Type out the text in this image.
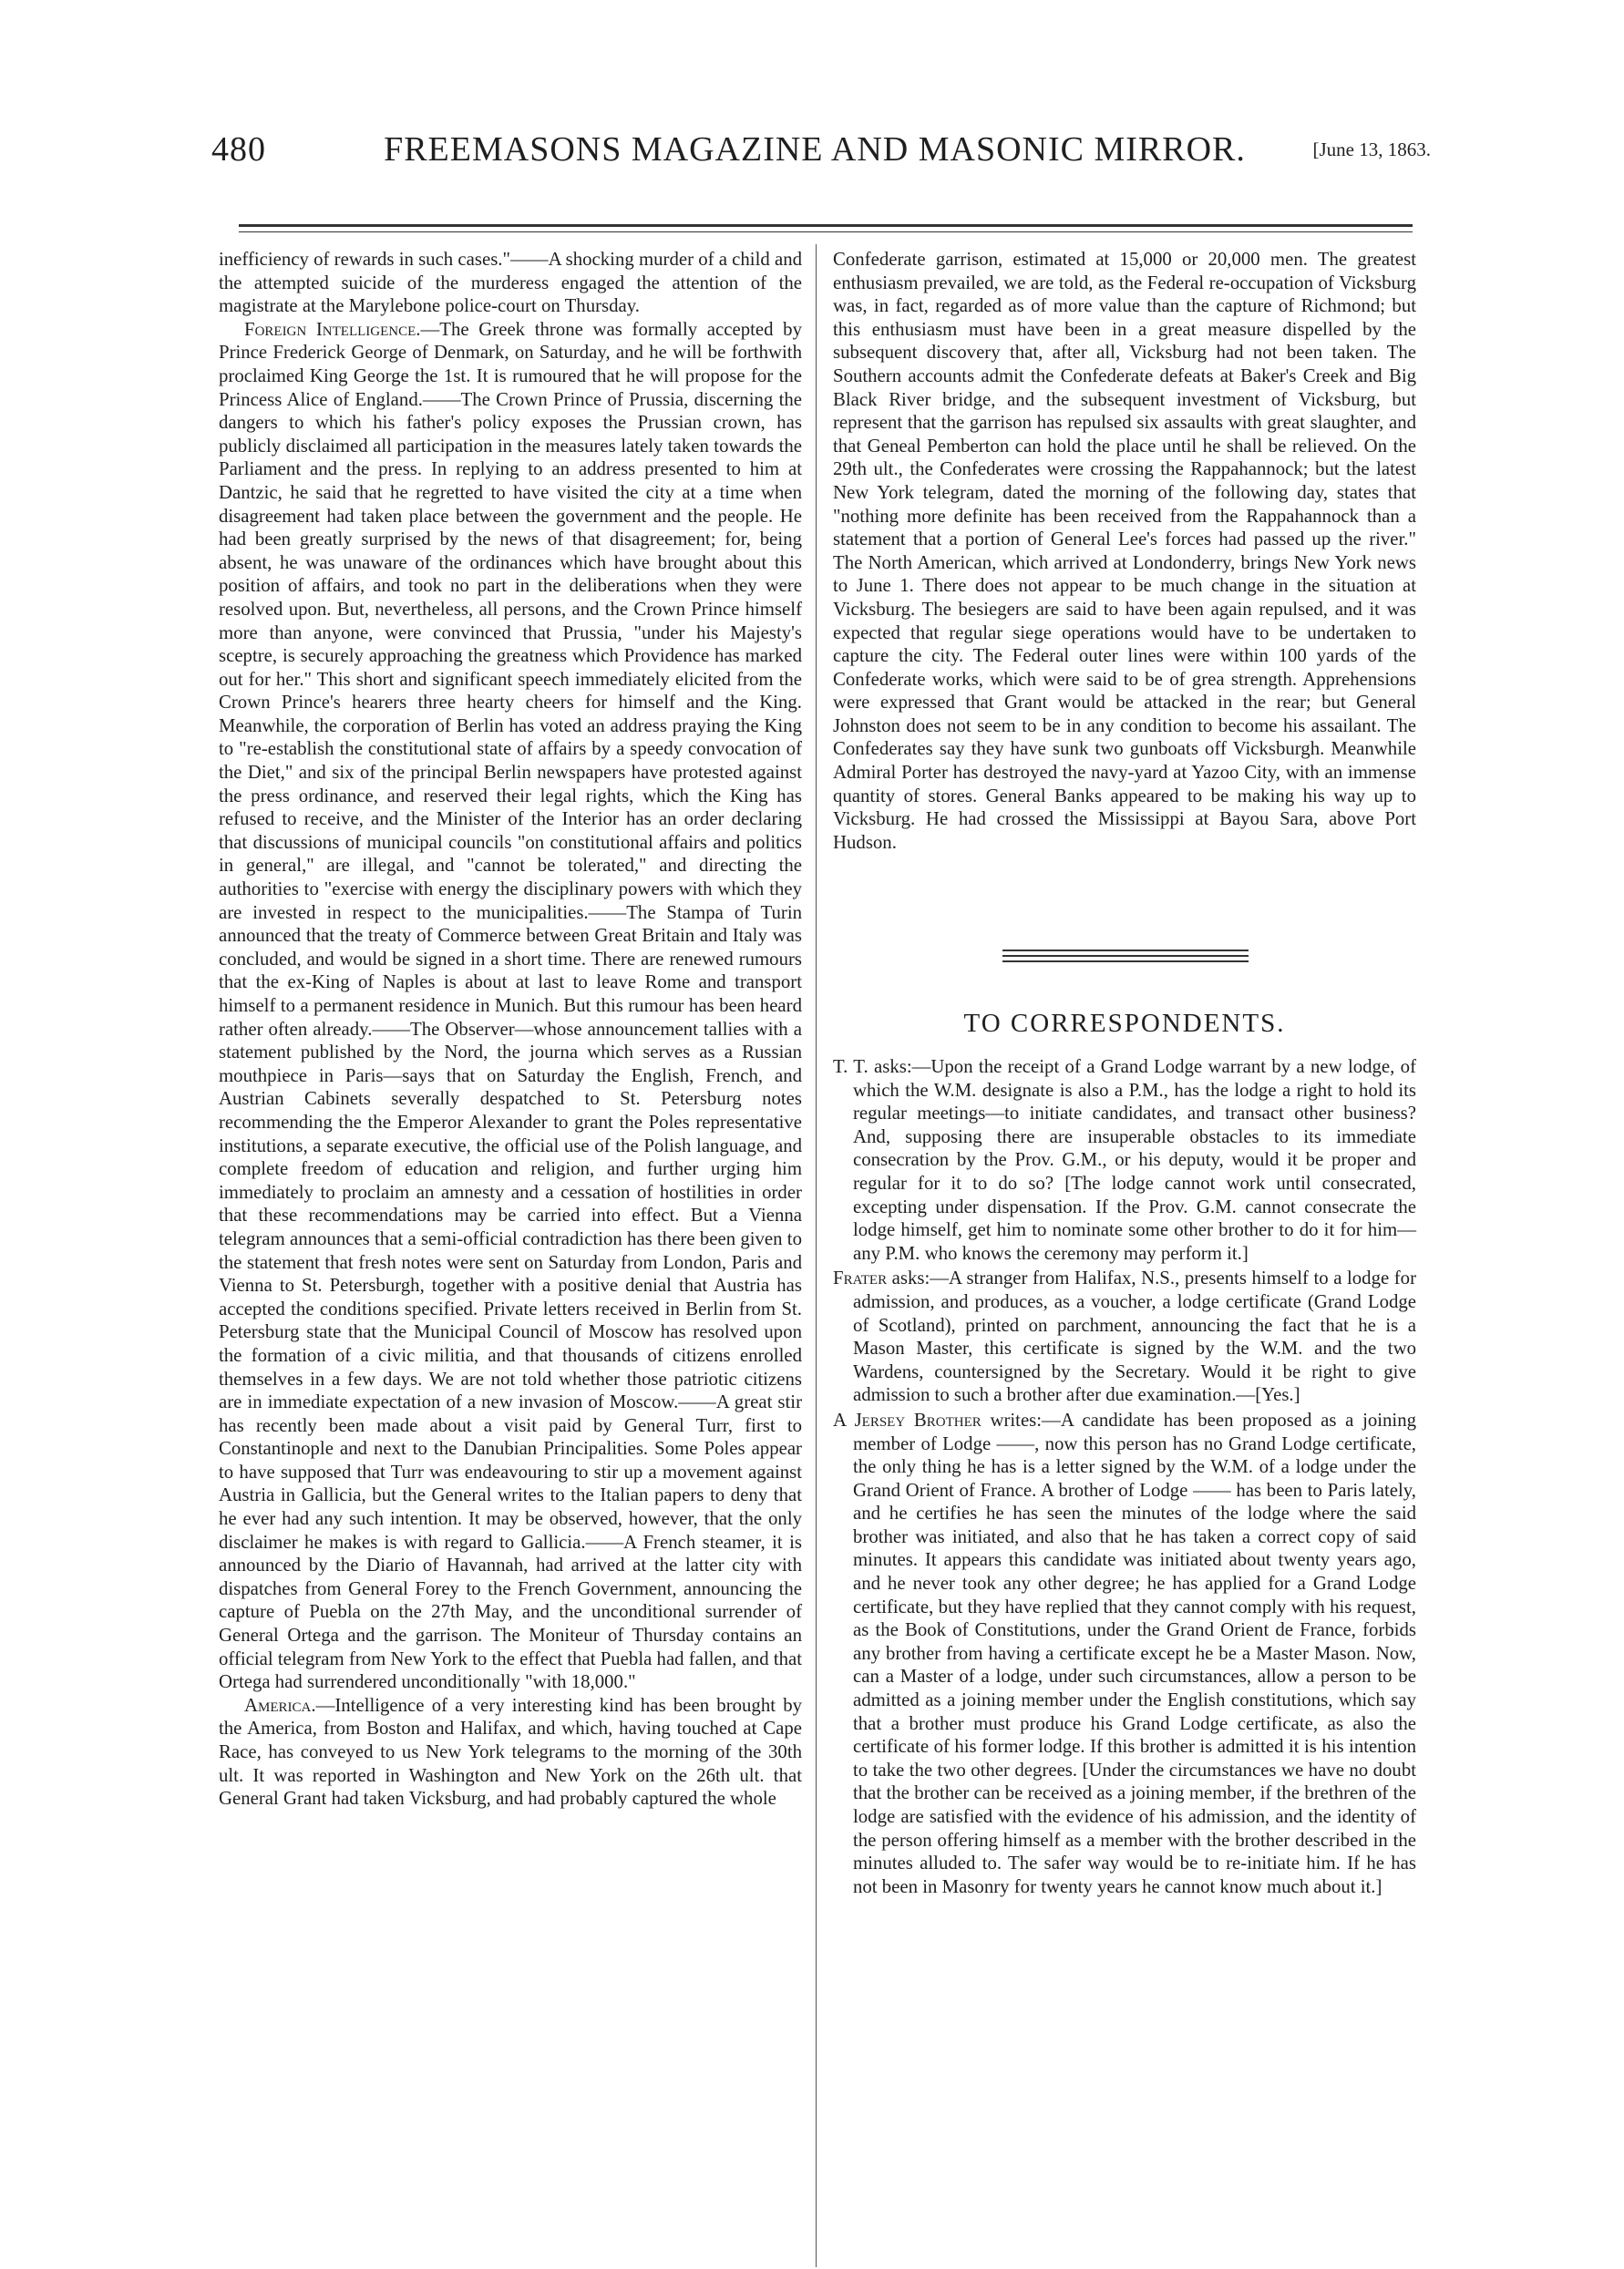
480	FREEMASONS MAGAZINE AND MASONIC MIRROR.	[June 13, 1863.

inefficiency of rewards in such cases."——A shocking murder of a child and the attempted suicide of the murderess engaged the attention of the magistrate at the Marylebone police-court on Thursday.

Foreign Intelligence.—The Greek throne was formally accepted by Prince Frederick George of Denmark, on Saturday, and he will be forthwith proclaimed King George the 1st. It is rumoured that he will propose for the Princess Alice of England.——The Crown Prince of Prussia, discerning the dangers to which his father's policy exposes the Prussian crown, has publicly disclaimed all participation in the measures lately taken towards the Parliament and the press. In replying to an address presented to him at Dantzic, he said that he regretted to have visited the city at a time when disagreement had taken place between the government and the people. He had been greatly surprised by the news of that disagreement; for, being absent, he was unaware of the ordinances which have brought about this position of affairs, and took no part in the deliberations when they were resolved upon. But, nevertheless, all persons, and the Crown Prince himself more than anyone, were convinced that Prussia, "under his Majesty's sceptre, is securely approaching the greatness which Providence has marked out for her." This short and significant speech immediately elicited from the Crown Prince's hearers three hearty cheers for himself and the King. Meanwhile, the corporation of Berlin has voted an address praying the King to "re-establish the constitutional state of affairs by a speedy convocation of the Diet," and six of the principal Berlin newspapers have protested against the press ordinance, and reserved their legal rights, which the King has refused to receive, and the Minister of the Interior has an order declaring that discussions of municipal councils "on constitutional affairs and politics in general," are illegal, and "cannot be tolerated," and directing the authorities to "exercise with energy the disciplinary powers with which they are invested in respect to the municipalities.——The Stampa of Turin announced that the treaty of Commerce between Great Britain and Italy was concluded, and would be signed in a short time. There are renewed rumours that the ex-King of Naples is about at last to leave Rome and transport himself to a permanent residence in Munich. But this rumour has been heard rather often already.——The Observer—whose announcement tallies with a statement published by the Nord, the journa which serves as a Russian mouthpiece in Paris—says that on Saturday the English, French, and Austrian Cabinets severally despatched to St. Petersburg notes recommending the the Emperor Alexander to grant the Poles representative institutions, a separate executive, the official use of the Polish language, and complete freedom of education and religion, and further urging him immediately to proclaim an amnesty and a cessation of hostilities in order that these recommendations may be carried into effect. But a Vienna telegram announces that a semi-official contradiction has there been given to the statement that fresh notes were sent on Saturday from London, Paris and Vienna to St. Petersburgh, together with a positive denial that Austria has accepted the conditions specified. Private letters received in Berlin from St. Petersburg state that the Municipal Council of Moscow has resolved upon the formation of a civic militia, and that thousands of citizens enrolled themselves in a few days. We are not told whether those patriotic citizens are in immediate expectation of a new invasion of Moscow.——A great stir has recently been made about a visit paid by General Turr, first to Constantinople and next to the Danubian Principalities. Some Poles appear to have supposed that Turr was endeavouring to stir up a movement against Austria in Gallicia, but the General writes to the Italian papers to deny that he ever had any such intention. It may be observed, however, that the only disclaimer he makes is with regard to Gallicia.——A French steamer, it is announced by the Diario of Havannah, had arrived at the latter city with dispatches from General Forey to the French Government, announcing the capture of Puebla on the 27th May, and the unconditional surrender of General Ortega and the garrison. The Moniteur of Thursday contains an official telegram from New York to the effect that Puebla had fallen, and that Ortega had surrendered unconditionally "with 18,000."

America.—Intelligence of a very interesting kind has been brought by the America, from Boston and Halifax, and which, having touched at Cape Race, has conveyed to us New York telegrams to the morning of the 30th ult. It was reported in Washington and New York on the 26th ult. that General Grant had taken Vicksburg, and had probably captured the whole

Confederate garrison, estimated at 15,000 or 20,000 men. The greatest enthusiasm prevailed, we are told, as the Federal re-occupation of Vicksburg was, in fact, regarded as of more value than the capture of Richmond; but this enthusiasm must have been in a great measure dispelled by the subsequent discovery that, after all, Vicksburg had not been taken. The Southern accounts admit the Confederate defeats at Baker's Creek and Big Black River bridge, and the subsequent investment of Vicksburg, but represent that the garrison has repulsed six assaults with great slaughter, and that Geneal Pemberton can hold the place until he shall be relieved. On the 29th ult., the Confederates were crossing the Rappahannock; but the latest New York telegram, dated the morning of the following day, states that "nothing more definite has been received from the Rappahannock than a statement that a portion of General Lee's forces had passed up the river." The North American, which arrived at Londonderry, brings New York news to June 1. There does not appear to be much change in the situation at Vicksburg. The besiegers are said to have been again repulsed, and it was expected that regular siege operations would have to be undertaken to capture the city. The Federal outer lines were within 100 yards of the Confederate works, which were said to be of grea strength. Apprehensions were expressed that Grant would be attacked in the rear; but General Johnston does not seem to be in any condition to become his assailant. The Confederates say they have sunk two gunboats off Vicksburgh. Meanwhile Admiral Porter has destroyed the navy-yard at Yazoo City, with an immense quantity of stores. General Banks appeared to be making his way up to Vicksburg. He had crossed the Mississippi at Bayou Sara, above Port Hudson.

TO CORRESPONDENTS.

T. T. asks:—Upon the receipt of a Grand Lodge warrant by a new lodge, of which the W.M. designate is also a P.M., has the lodge a right to hold its regular meetings—to initiate candidates, and transact other business? And, supposing there are insuperable obstacles to its immediate consecration by the Prov. G.M., or his deputy, would it be proper and regular for it to do so? [The lodge cannot work until consecrated, excepting under dispensation. If the Prov. G.M. cannot consecrate the lodge himself, get him to nominate some other brother to do it for him—any P.M. who knows the ceremony may perform it.]

Frater asks:—A stranger from Halifax, N.S., presents himself to a lodge for admission, and produces, as a voucher, a lodge certificate (Grand Lodge of Scotland), printed on parchment, announcing the fact that he is a Mason Master, this certificate is signed by the W.M. and the two Wardens, countersigned by the Secretary. Would it be right to give admission to such a brother after due examination.—[Yes.]

A Jersey Brother writes:—A candidate has been proposed as a joining member of Lodge ——, now this person has no Grand Lodge certificate, the only thing he has is a letter signed by the W.M. of a lodge under the Grand Orient of France. A brother of Lodge —— has been to Paris lately, and he certifies he has seen the minutes of the lodge where the said brother was initiated, and also that he has taken a correct copy of said minutes. It appears this candidate was initiated about twenty years ago, and he never took any other degree; he has applied for a Grand Lodge certificate, but they have replied that they cannot comply with his request, as the Book of Constitutions, under the Grand Orient de France, forbids any brother from having a certificate except he be a Master Mason. Now, can a Master of a lodge, under such circumstances, allow a person to be admitted as a joining member under the English constitutions, which say that a brother must produce his Grand Lodge certificate, as also the certificate of his former lodge. If this brother is admitted it is his intention to take the two other degrees. [Under the circumstances we have no doubt that the brother can be received as a joining member, if the brethren of the lodge are satisfied with the evidence of his admission, and the identity of the person offering himself as a member with the brother described in the minutes alluded to. The safer way would be to re-initiate him. If he has not been in Masonry for twenty years he cannot know much about it.]
